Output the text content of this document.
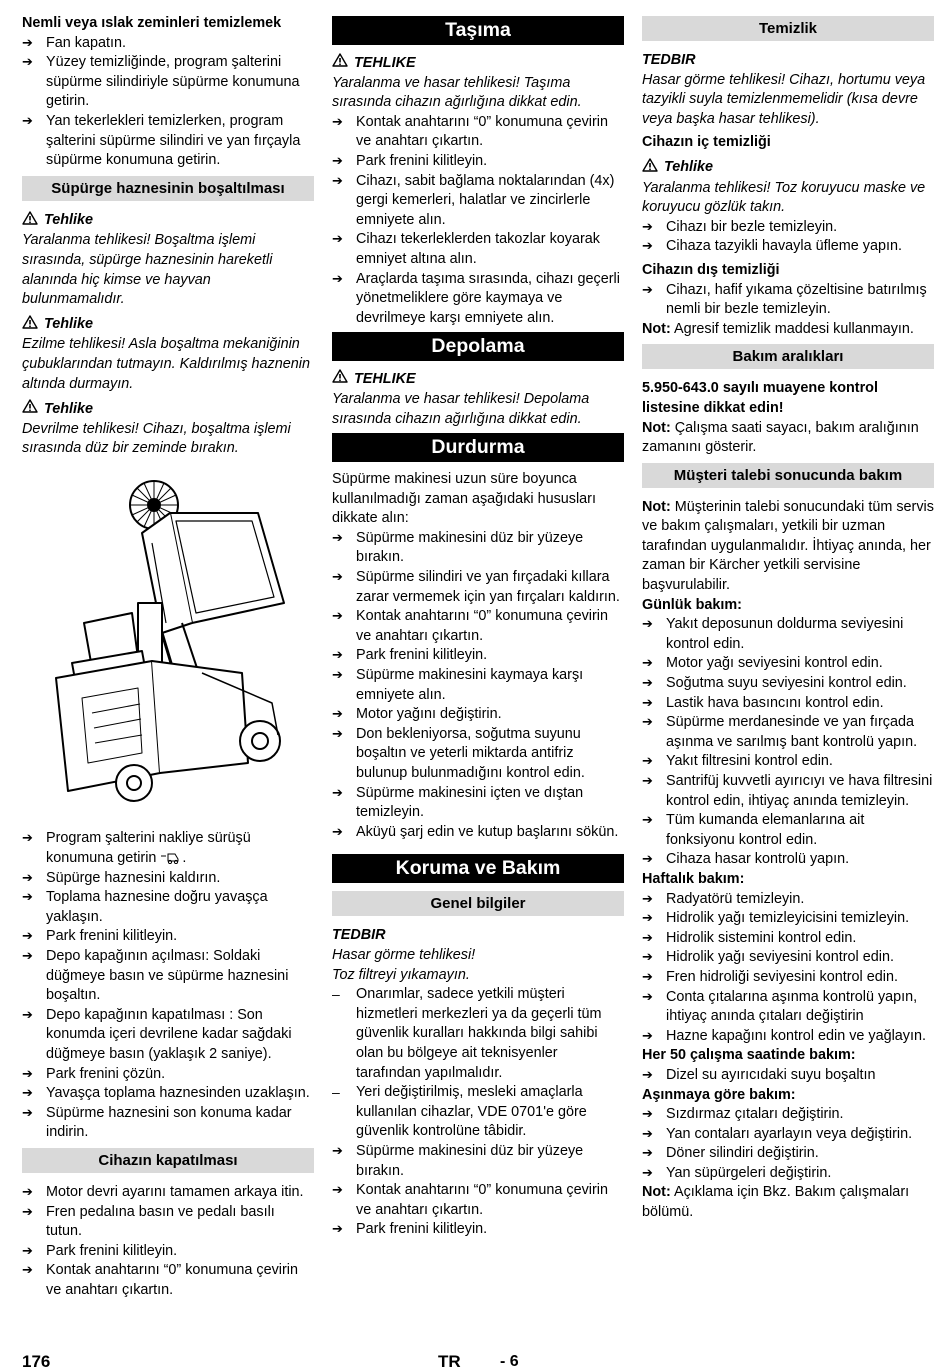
Nemli veya ıslak zeminleri temizlemek
➔ Fan kapatın.
➔ Yüzey temizliğinde, program şalterini süpürme silindiriyle süpürme konumuna getirin.
➔ Yan tekerlekleri temizlerken, program şalterini süpürme silindiri ve yan fırçayla süpürme konumuna getirin.
Süpürge haznesinin boşaltılması
Tehlike
Yaralanma tehlikesi! Boşaltma işlemi sırasında, süpürge haznesinin hareketli alanında hiç kimse ve hayvan bulunmamalıdır.
Tehlike
Ezilme tehlikesi! Asla boşaltma mekaniğinin çubuklarından tutmayın. Kaldırılmış haznenin altında durmayın.
Tehlike
Devrilme tehlikesi! Cihazı, boşaltma işlemi sırasında düz bir zeminde bırakın.
➔ Program şalterini nakliye sürüşü konumuna getirin .
➔ Süpürge haznesini kaldırın.
➔ Toplama haznesine doğru yavaşça yaklaşın.
➔ Park frenini kilitleyin.
➔ Depo kapağının açılması: Soldaki düğmeye basın ve süpürme haznesini boşaltın.
➔ Depo kapağının kapatılması : Son konumda içeri devrilene kadar sağdaki düğmeye basın (yaklaşık 2 saniye).
➔ Park frenini çözün.
➔ Yavaşça toplama haznesinden uzaklaşın.
➔ Süpürme haznesini son konuma kadar indirin.
Cihazın kapatılması
➔ Motor devri ayarını tamamen arkaya itin.
➔ Fren pedalına basın ve pedalı basılı tutun.
➔ Park frenini kilitleyin.
➔ Kontak anahtarını “0” konumuna çevirin ve anahtarı çıkartın.
Taşıma
TEHLIKE
Yaralanma ve hasar tehlikesi! Taşıma sırasında cihazın ağırlığına dikkat edin.
➔ Kontak anahtarını “0” konumuna çevirin ve anahtarı çıkartın.
➔ Park frenini kilitleyin.
➔ Cihazı, sabit bağlama noktalarından (4x) gergi kemerleri, halatlar ve zincirlerle emniyete alın.
➔ Cihazı tekerleklerden takozlar koyarak emniyet altına alın.
➔ Araçlarda taşıma sırasında, cihazı geçerli yönetmeliklere göre kaymaya ve devrilmeye karşı emniyete alın.
Depolama
TEHLIKE
Yaralanma ve hasar tehlikesi! Depolama sırasında cihazın ağırlığına dikkat edin.
Durdurma
Süpürme makinesi uzun süre boyunca kullanılmadığı zaman aşağıdaki hususları dikkate alın:
➔ Süpürme makinesini düz bir yüzeye bırakın.
➔ Süpürme silindiri ve yan fırçadaki kıllara zarar vermemek için yan fırçaları kaldırın.
➔ Kontak anahtarını “0” konumuna çevirin ve anahtarı çıkartın.
➔ Park frenini kilitleyin.
➔ Süpürme makinesini kaymaya karşı emniyete alın.
➔ Motor yağını değiştirin.
➔ Don bekleniyorsa, soğutma suyunu boşaltın ve yeterli miktarda antifriz bulunup bulunmadığını kontrol edin.
➔ Süpürme makinesini içten ve dıştan temizleyin.
➔ Aküyü şarj edin ve kutup başlarını sökün.
Koruma ve Bakım
Genel bilgiler
TEDBIR
Hasar görme tehlikesi!
Toz filtreyi yıkamayın.
– Onarımlar, sadece yetkili müşteri hizmetleri merkezleri ya da geçerli tüm güvenlik kuralları hakkında bilgi sahibi olan bu bölgeye ait teknisyenler tarafından yapılmalıdır.
– Yeri değiştirilmiş, mesleki amaçlarla kullanılan cihazlar, VDE 0701'e göre güvenlik kontrolüne tâbidir.
➔ Süpürme makinesini düz bir yüzeye bırakın.
➔ Kontak anahtarını “0” konumuna çevirin ve anahtarı çıkartın.
➔ Park frenini kilitleyin.
Temizlik
TEDBIR
Hasar görme tehlikesi! Cihazı, hortumu veya tazyikli suyla temizlenmemelidir (kısa devre veya başka hasar tehlikesi).
Cihazın iç temizliği
Tehlike
Yaralanma tehlikesi! Toz koruyucu maske ve koruyucu gözlük takın.
➔ Cihazı bir bezle temizleyin.
➔ Cihaza tazyikli havayla üfleme yapın.
Cihazın dış temizliği
➔ Cihazı, hafif yıkama çözeltisine batırılmış nemli bir bezle temizleyin.
Not: Agresif temizlik maddesi kullanmayın.
Bakım aralıkları
5.950-643.0 sayılı muayene kontrol listesine dikkat edin!
Not: Çalışma saati sayacı, bakım aralığının zamanını gösterir.
Müşteri talebi sonucunda bakım
Not: Müşterinin talebi sonucundaki tüm servis ve bakım çalışmaları, yetkili bir uzman tarafından uygulanmalıdır. İhtiyaç anında, her zaman bir Kärcher yetkili servisine başvurulabilir.
Günlük bakım:
➔ Yakıt deposunun doldurma seviyesini kontrol edin.
➔ Motor yağı seviyesini kontrol edin.
➔ Soğutma suyu seviyesini kontrol edin.
➔ Lastik hava basıncını kontrol edin.
➔ Süpürme merdanesinde ve yan fırçada aşınma ve sarılmış bant kontrolü yapın.
➔ Yakıt filtresini kontrol edin.
➔ Santrifüj kuvvetli ayırıcıyı ve hava filtresini kontrol edin, ihtiyaç anında temizleyin.
➔ Tüm kumanda elemanlarına ait fonksiyonu kontrol edin.
➔ Cihaza hasar kontrolü yapın.
Haftalık bakım:
➔ Radyatörü temizleyin.
➔ Hidrolik yağı temizleyicisini temizleyin.
➔ Hidrolik sistemini kontrol edin.
➔ Hidrolik yağı seviyesini kontrol edin.
➔ Fren hidroliği seviyesini kontrol edin.
➔ Conta çıtalarına aşınma kontrolü yapın, ihtiyaç anında çıtaları değiştirin
➔ Hazne kapağını kontrol edin ve yağlayın.
Her 50 çalışma saatinde bakım:
➔ Dizel su ayırıcıdaki suyu boşaltın
Aşınmaya göre bakım:
➔ Sızdırmaz çıtaları değiştirin.
➔ Yan contaları ayarlayın veya değiştirin.
➔ Döner silindiri değiştirin.
➔ Yan süpürgeleri değiştirin.
Not: Açıklama için Bkz. Bakım çalışmaları bölümü.
176	TR - 6
